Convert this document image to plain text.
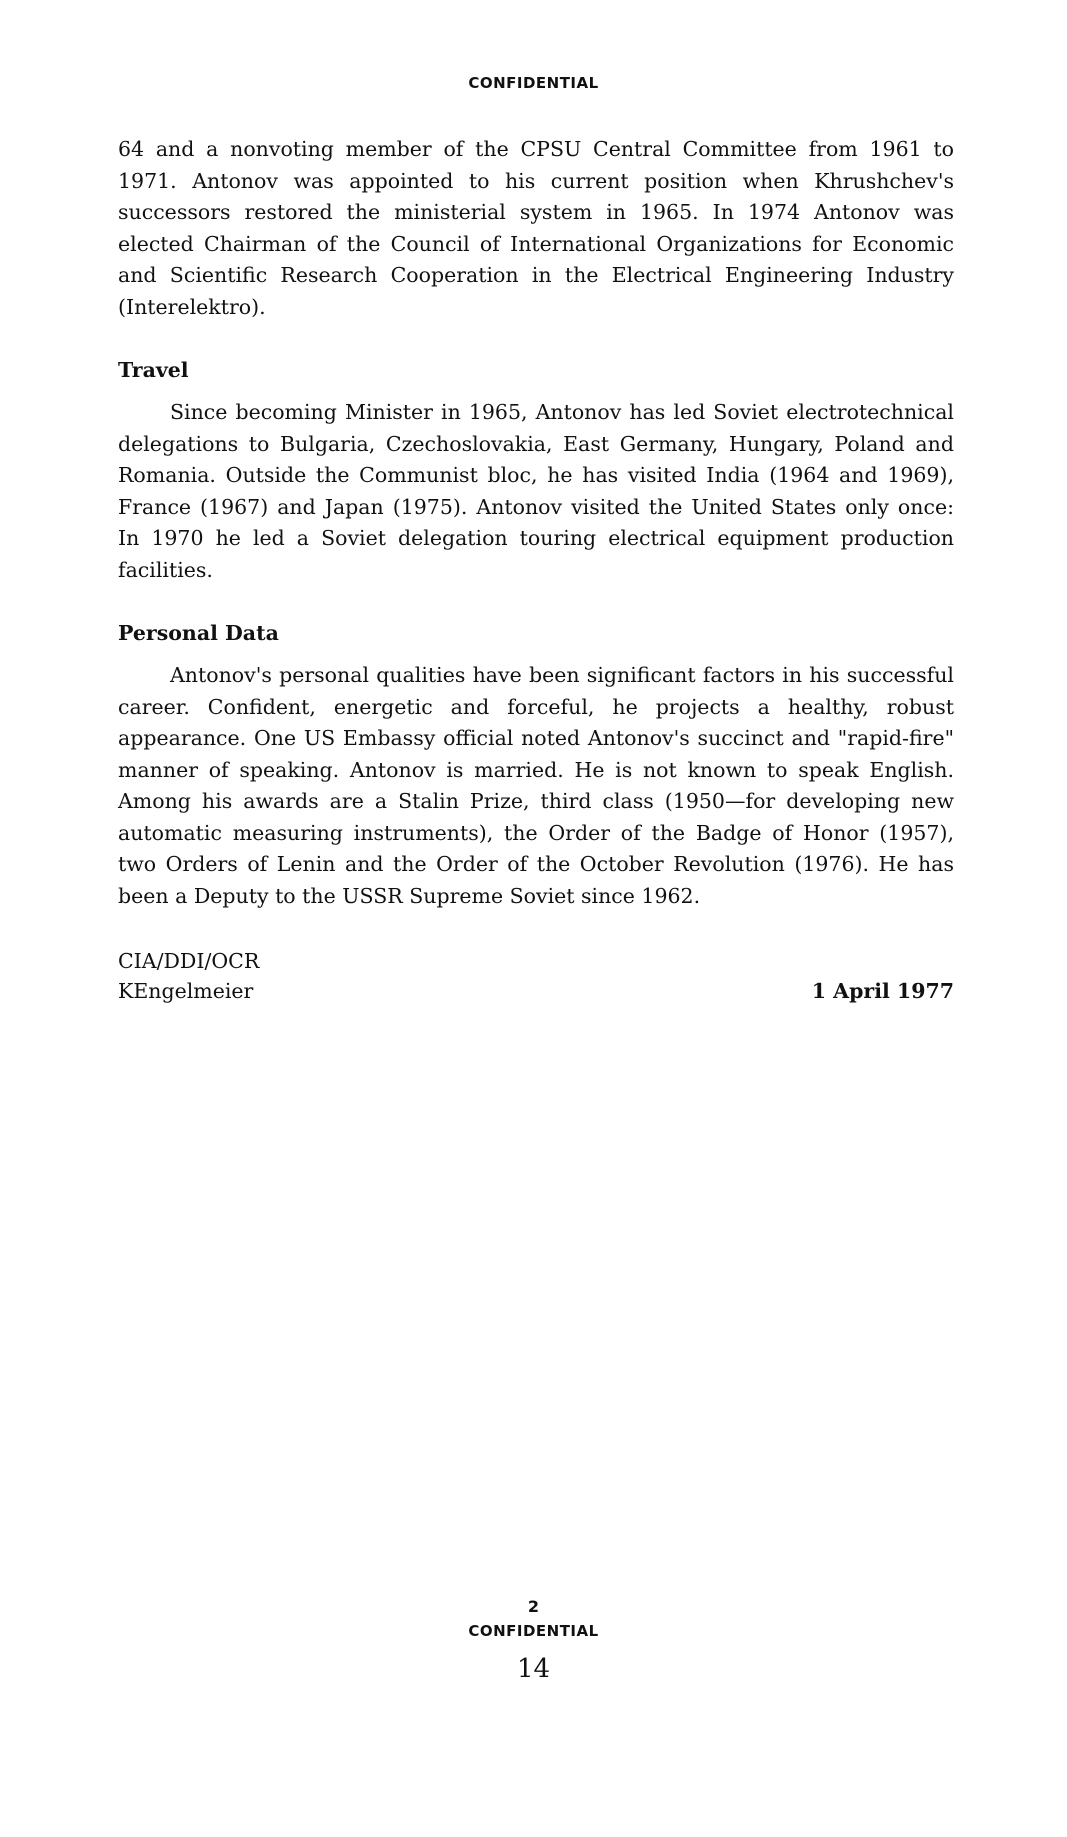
CONFIDENTIAL

64 and a nonvoting member of the CPSU Central Committee from 1961 to 1971. Antonov was appointed to his current position when Khrushchev's successors restored the ministerial system in 1965. In 1974 Antonov was elected Chairman of the Council of International Organizations for Economic and Scientific Research Cooperation in the Electrical Engineering Industry (Interelektro).

Travel

Since becoming Minister in 1965, Antonov has led Soviet electrotechnical delegations to Bulgaria, Czechoslovakia, East Germany, Hungary, Poland and Romania. Outside the Communist bloc, he has visited India (1964 and 1969), France (1967) and Japan (1975). Antonov visited the United States only once: In 1970 he led a Soviet delegation touring electrical equipment production facilities.

Personal Data

Antonov's personal qualities have been significant factors in his successful career. Confident, energetic and forceful, he projects a healthy, robust appearance. One US Embassy official noted Antonov's succinct and "rapid-fire" manner of speaking. Antonov is married. He is not known to speak English. Among his awards are a Stalin Prize, third class (1950—for developing new automatic measuring instruments), the Order of the Badge of Honor (1957), two Orders of Lenin and the Order of the October Revolution (1976). He has been a Deputy to the USSR Supreme Soviet since 1962.

CIA/DDI/OCR
KEngelmeier	1 April 1977
2
CONFIDENTIAL
14
